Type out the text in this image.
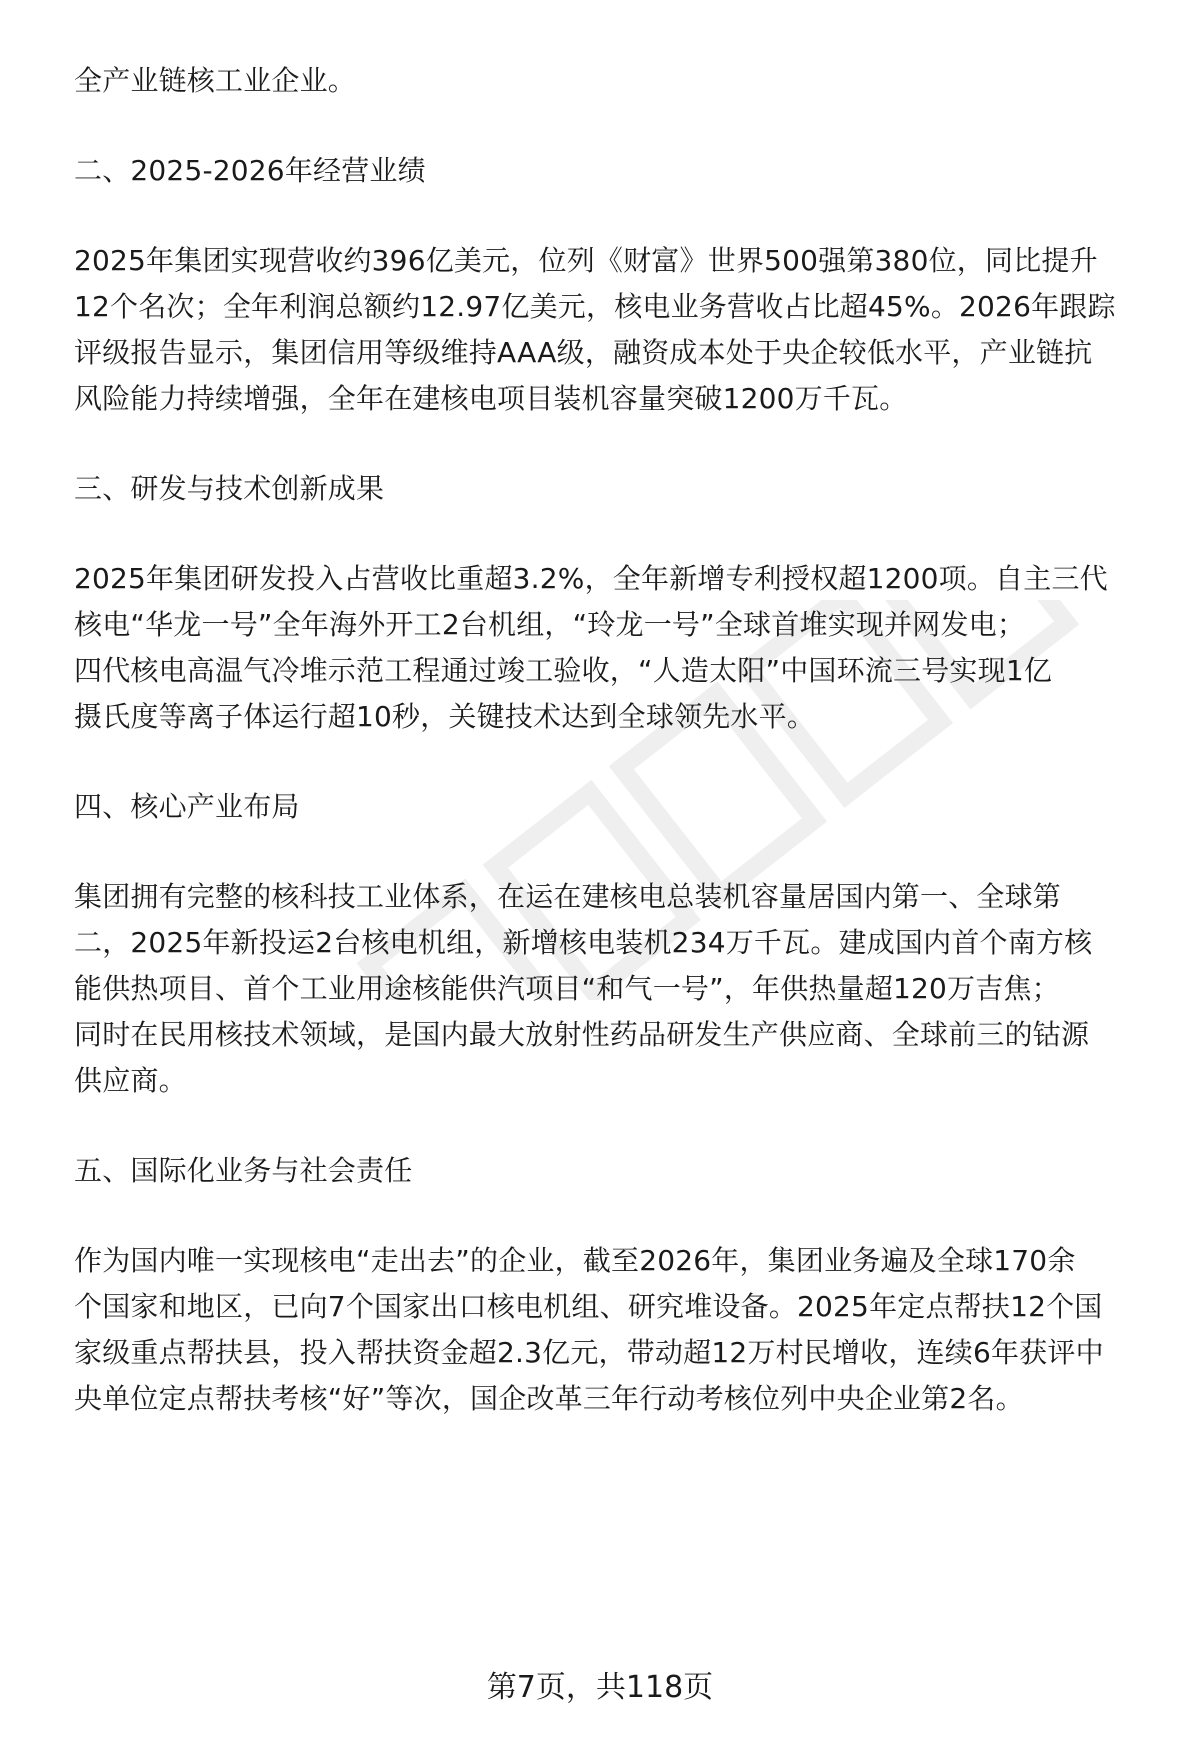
全产业链核工业企业。

二、2025-2026年经营业绩

2025年集团实现营收约396亿美元，位列《财富》世界500强第380位，同比提升

12个名次；全年利润总额约12.97亿美元，核电业务营收占比超45%。2026年跟踪

评级报告显示，集团信用等级维持AAA级，融资成本处于央企较低水平，产业链抗

风险能力持续增强，全年在建核电项目装机容量突破1200万千瓦。

三、研发与技术创新成果

2025年集团研发投入占营收比重超3.2%，全年新增专利授权超1200项。自主三代

核电“华龙一号”全年海外开工2台机组，“玲龙一号”全球首堆实现并网发电；

四代核电高温气冷堆示范工程通过竣工验收，“人造太阳”中国环流三号实现1亿

摄氏度等离子体运行超10秒，关键技术达到全球领先水平。

四、核心产业布局

集团拥有完整的核科技工业体系，在运在建核电总装机容量居国内第一、全球第

二，2025年新投运2台核电机组，新增核电装机234万千瓦。建成国内首个南方核

能供热项目、首个工业用途核能供汽项目“和气一号”，年供热量超120万吉焦；

同时在民用核技术领域，是国内最大放射性药品研发生产供应商、全球前三的钴源

供应商。

五、国际化业务与社会责任

作为国内唯一实现核电“走出去”的企业，截至2026年，集团业务遍及全球170余

个国家和地区，已向7个国家出口核电机组、研究堆设备。2025年定点帮扶12个国

家级重点帮扶县，投入帮扶资金超2.3亿元，带动超12万村民增收，连续6年获评中

央单位定点帮扶考核“好”等次，国企改革三年行动考核位列中央企业第2名。

第7页，共118页
